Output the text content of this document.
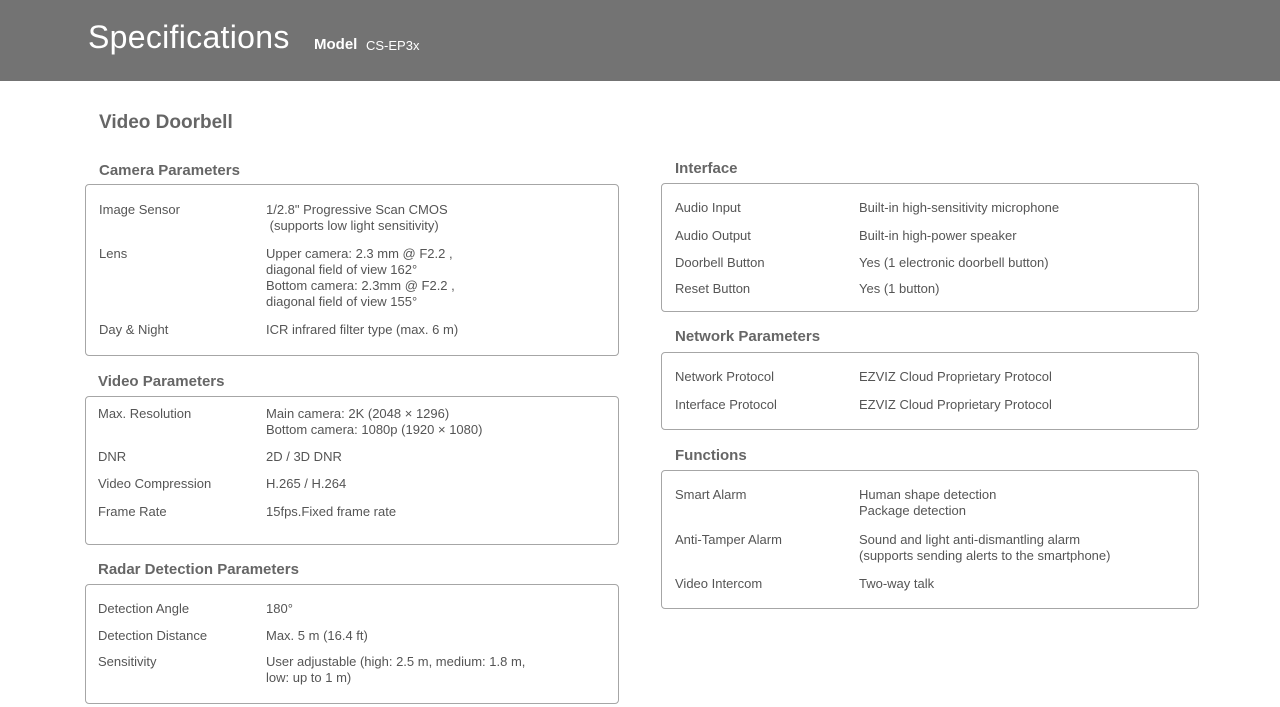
Specifications Model CS-EP3x
Video Doorbell
Camera Parameters
Image Sensor	1/2.8" Progressive Scan CMOS
(supports low light sensitivity)
Lens	Upper camera: 2.3 mm @ F2.2 ,
diagonal field of view 162°
Bottom camera: 2.3mm @ F2.2 ,
diagonal field of view 155°
Day & Night	ICR infrared filter type (max. 6 m)
Video Parameters
Max. Resolution	Main camera: 2K (2048 × 1296)
Bottom camera: 1080p (1920 × 1080)
DNR	2D / 3D DNR
Video Compression	H.265 / H.264
Frame Rate	15fps.Fixed frame rate
Radar Detection Parameters
Detection Angle	180°
Detection Distance	Max. 5 m (16.4 ft)
Sensitivity	User adjustable (high: 2.5 m, medium: 1.8 m,
low: up to 1 m)
Interface
Audio Input	Built-in high-sensitivity microphone
Audio Output	Built-in high-power speaker
Doorbell Button	Yes (1 electronic doorbell button)
Reset Button	Yes (1 button)
Network Parameters
Network Protocol	EZVIZ Cloud Proprietary Protocol
Interface Protocol	EZVIZ Cloud Proprietary Protocol
Functions
Smart Alarm	Human shape detection
Package detection
Anti-Tamper Alarm	Sound and light anti-dismantling alarm
(supports sending alerts to the smartphone)
Video Intercom	Two-way talk
